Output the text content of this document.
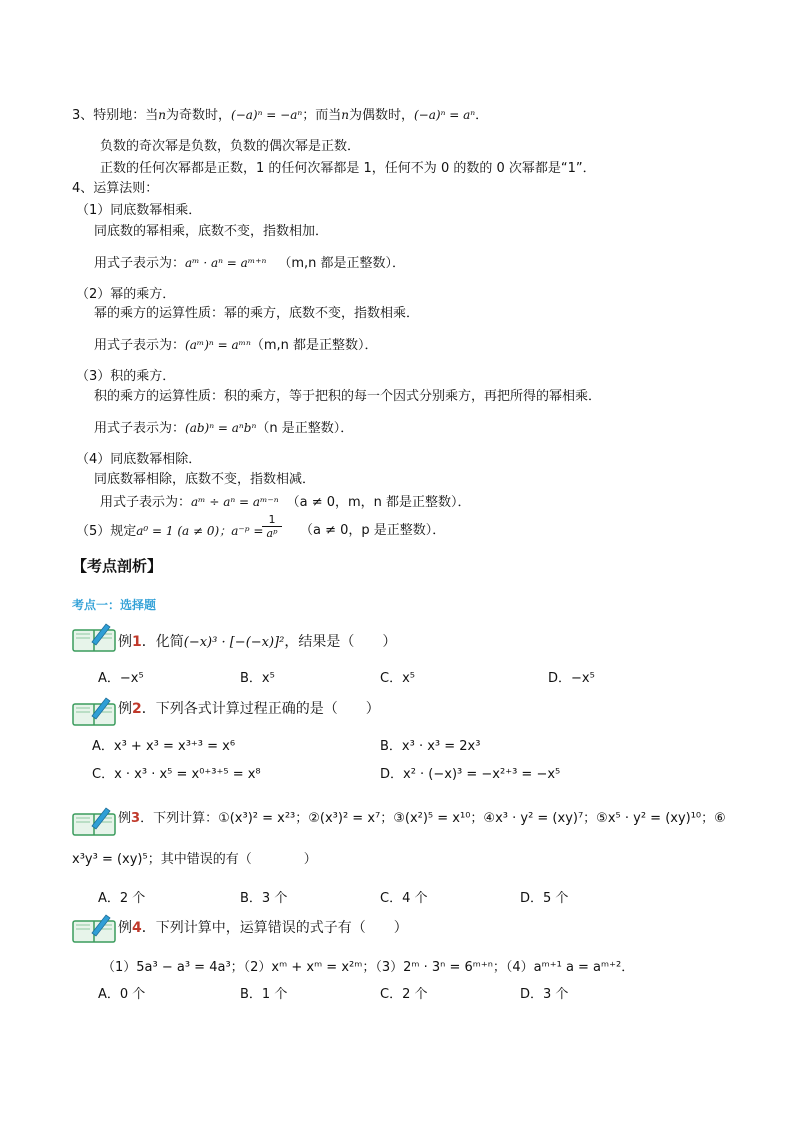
3、特别地：当n为奇数时，(−a)ⁿ = −aⁿ；而当n为偶数时，(−a)ⁿ = aⁿ．
负数的奇次幂是负数，负数的偶次幂是正数．
正数的任何次幂都是正数，1 的任何次幂都是 1，任何不为 0 的数的 0 次幂都是“1”．
4、运算法则：
（1）同底数幂相乘．
同底数的幂相乘，底数不变，指数相加．
用式子表示为：aᵐ · aⁿ = aᵐ⁺ⁿ （m,n 都是正整数）．
（2）幂的乘方．
幂的乘方的运算性质：幂的乘方，底数不变，指数相乘．
用式子表示为：(aᵐ)ⁿ = aᵐⁿ（m,n 都是正整数）．
（3）积的乘方．
积的乘方的运算性质：积的乘方，等于把积的每一个因式分别乘方，再把所得的幂相乘．
用式子表示为：(ab)ⁿ = aⁿbⁿ（n 是正整数）．
（4）同底数幂相除．
同底数幂相除，底数不变，指数相减．
用式子表示为：aᵐ ÷ aⁿ = aᵐ⁻ⁿ （a ≠ 0，m，n 都是正整数）．
（5）规定a⁰ = 1 (a ≠ 0)；a⁻ᵖ =
1
aᵖ	（a ≠ 0，p 是正整数）．
【考点剖析】
考点一：选择题
例1．化简(−x)³ · [−(−x)]²，结果是（　　）
A．−x⁵	B．x⁵	C．x⁵	D．−x⁵
例2．下列各式计算过程正确的是（　　）
A．x³ + x³ = x³⁺³ = x⁶	B．x³ · x³ = 2x³
C．x · x³ · x⁵ = x⁰⁺³⁺⁵ = x⁸	D．x² · (−x)³ = −x²⁺³ = −x⁵
例3．下列计算：①(x³)² = x²³；②(x³)² = x⁷；③(x²)⁵ = x¹⁰；④x³ · y² = (xy)⁷；⑤x⁵ · y² = (xy)¹⁰；⑥
x³y³ = (xy)⁵；其中错误的有（　　　　）
A．2 个	B．3 个	C．4 个	D．5 个
例4．下列计算中，运算错误的式子有（　　）
（1）5a³ − a³ = 4a³；（2）xᵐ + xᵐ = x²ᵐ；（3）2ᵐ · 3ⁿ = 6ᵐ⁺ⁿ；（4）aᵐ⁺¹ a = aᵐ⁺²．
A．0 个	B．1 个	C．2 个	D．3 个
